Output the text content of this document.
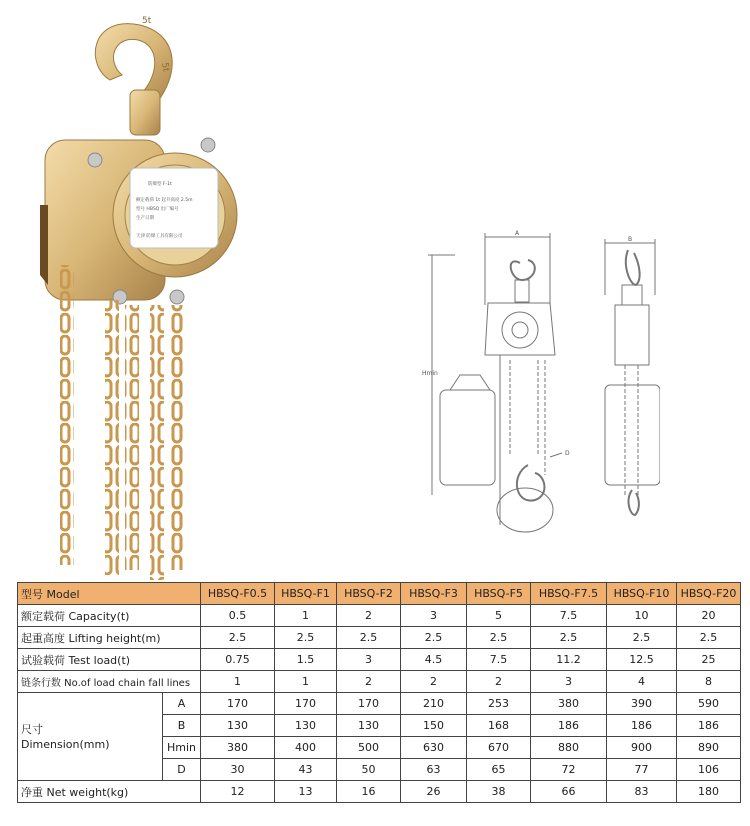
5t
5t
防爆型 F-1t
额定载荷 1t 起升高度 2.5m
型号 HBSQ 出厂编号
生产日期
天津 防爆工具有限公司	A
Hmin
D
B
型号 Model		HBSQ-F0.5	HBSQ-F1	HBSQ-F2	HBSQ-F3	HBSQ-F5	HBSQ-F7.5	HBSQ-F10	HBSQ-F20
额定载荷 Capacity(t)		0.5	1	2	3	5	7.5	10	20
起重高度 Lifting height(m)		2.5	2.5	2.5	2.5	2.5	2.5	2.5	2.5
试验载荷 Test load(t)		0.75	1.5	3	4.5	7.5	11.2	12.5	25
链条行数 No.of load chain fall lines		1	1	2	2	2	3	4	8
尺寸
Dimension(mm)	A	170	170	170	210	253	380	390	590
	B	130	130	130	150	168	186	186	186
	Hmin	380	400	500	630	670	880	900	890
	D	30	43	50	63	65	72	77	106
净重 Net weight(kg)		12	13	16	26	38	66	83	180
